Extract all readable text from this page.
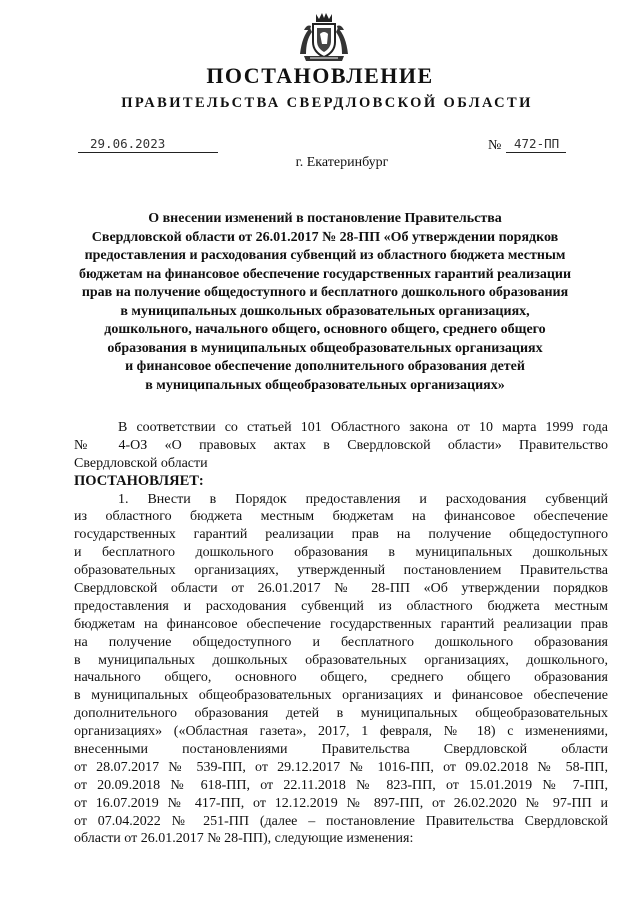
ПОСТАНОВЛЕНИЕ
ПРАВИТЕЛЬСТВА СВЕРДЛОВСКОЙ ОБЛАСТИ
29.06.2023	№	472-ПП
г. Екатеринбург
О внесении изменений в постановление Правительства
Свердловской области от 26.01.2017 № 28-ПП «Об утверждении порядков
предоставления и расходования субвенций из областного бюджета местным
бюджетам на финансовое обеспечение государственных гарантий реализации
прав на получение общедоступного и бесплатного дошкольного образования
в муниципальных дошкольных образовательных организациях,
дошкольного, начального общего, основного общего, среднего общего
образования в муниципальных общеобразовательных организациях
и финансовое обеспечение дополнительного образования детей
в муниципальных общеобразовательных организациях»
В соответствии со статьей 101 Областного закона от 10 марта 1999 года
№ 4-ОЗ «О правовых актах в Свердловской области» Правительство
Свердловской области
ПОСТАНОВЛЯЕТ:
1. Внести в Порядок предоставления и расходования субвенций
из областного бюджета местным бюджетам на финансовое обеспечение
государственных гарантий реализации прав на получение общедоступного
и бесплатного дошкольного образования в муниципальных дошкольных
образовательных организациях, утвержденный постановлением Правительства
Свердловской области от 26.01.2017 № 28-ПП «Об утверждении порядков
предоставления и расходования субвенций из областного бюджета местным
бюджетам на финансовое обеспечение государственных гарантий реализации прав
на получение общедоступного и бесплатного дошкольного образования
в муниципальных дошкольных образовательных организациях, дошкольного,
начального общего, основного общего, среднего общего образования
в муниципальных общеобразовательных организациях и финансовое обеспечение
дополнительного образования детей в муниципальных общеобразовательных
организациях» («Областная газета», 2017, 1 февраля, № 18) с изменениями,
внесенными постановлениями Правительства Свердловской области
от 28.07.2017 № 539-ПП, от 29.12.2017 № 1016-ПП, от 09.02.2018 № 58-ПП,
от 20.09.2018 № 618-ПП, от 22.11.2018 № 823-ПП, от 15.01.2019 № 7-ПП,
от 16.07.2019 № 417-ПП, от 12.12.2019 № 897-ПП, от 26.02.2020 № 97-ПП и
от 07.04.2022 № 251-ПП (далее – постановление Правительства Свердловской
области от 26.01.2017 № 28-ПП), следующие изменения:
